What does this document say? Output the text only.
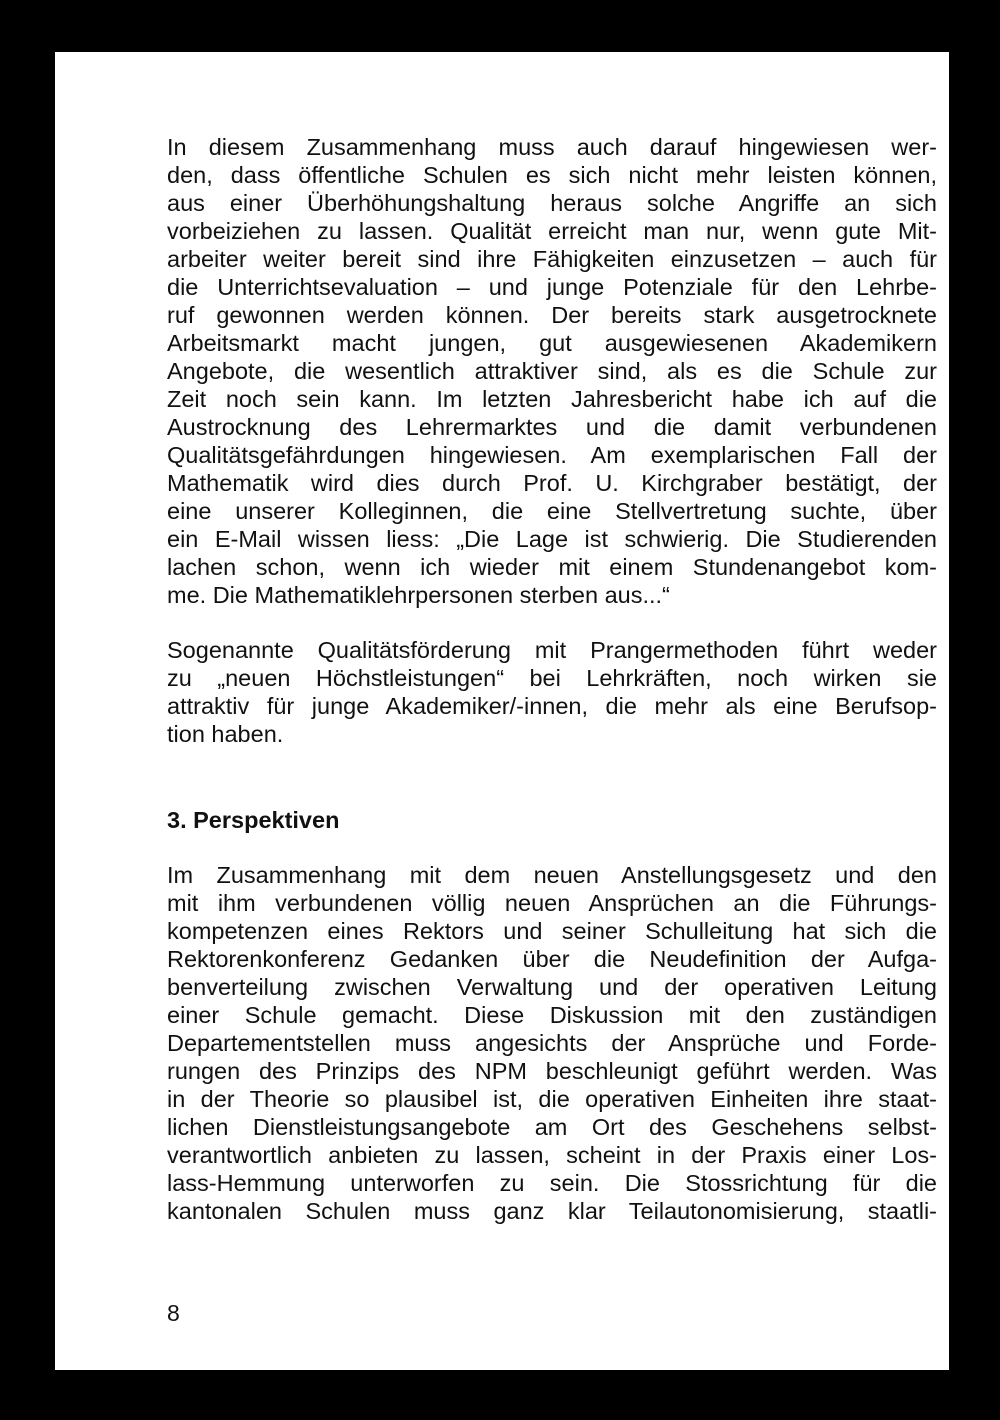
In diesem Zusammenhang muss auch darauf hingewiesen wer-
den, dass öffentliche Schulen es sich nicht mehr leisten können,
aus einer Überhöhungshaltung heraus solche Angriffe an sich
vorbeiziehen zu lassen. Qualität erreicht man nur, wenn gute Mit-
arbeiter weiter bereit sind ihre Fähigkeiten einzusetzen – auch für
die Unterrichtsevaluation – und junge Potenziale für den Lehrbe-
ruf gewonnen werden können. Der bereits stark ausgetrocknete
Arbeitsmarkt macht jungen, gut ausgewiesenen Akademikern
Angebote, die wesentlich attraktiver sind, als es die Schule zur
Zeit noch sein kann. Im letzten Jahresbericht habe ich auf die
Austrocknung des Lehrermarktes und die damit verbundenen
Qualitätsgefährdungen hingewiesen. Am exemplarischen Fall der
Mathematik wird dies durch Prof. U. Kirchgraber bestätigt, der
eine unserer Kolleginnen, die eine Stellvertretung suchte, über
ein E-Mail wissen liess: „Die Lage ist schwierig. Die Studierenden
lachen schon, wenn ich wieder mit einem Stundenangebot kom-
me. Die Mathematiklehrpersonen sterben aus...“
Sogenannte Qualitätsförderung mit Prangermethoden führt weder
zu „neuen Höchstleistungen“ bei Lehrkräften, noch wirken sie
attraktiv für junge Akademiker/-innen, die mehr als eine Berufsop-
tion haben.
3. Perspektiven
Im Zusammenhang mit dem neuen Anstellungsgesetz und den
mit ihm verbundenen völlig neuen Ansprüchen an die Führungs-
kompetenzen eines Rektors und seiner Schulleitung hat sich die
Rektorenkonferenz Gedanken über die Neudefinition der Aufga-
benverteilung zwischen Verwaltung und der operativen Leitung
einer Schule gemacht. Diese Diskussion mit den zuständigen
Departementstellen muss angesichts der Ansprüche und Forde-
rungen des Prinzips des NPM beschleunigt geführt werden. Was
in der Theorie so plausibel ist, die operativen Einheiten ihre staat-
lichen Dienstleistungsangebote am Ort des Geschehens selbst-
verantwortlich anbieten zu lassen, scheint in der Praxis einer Los-
lass-Hemmung unterworfen zu sein. Die Stossrichtung für die
kantonalen Schulen muss ganz klar Teilautonomisierung, staatli-
8
